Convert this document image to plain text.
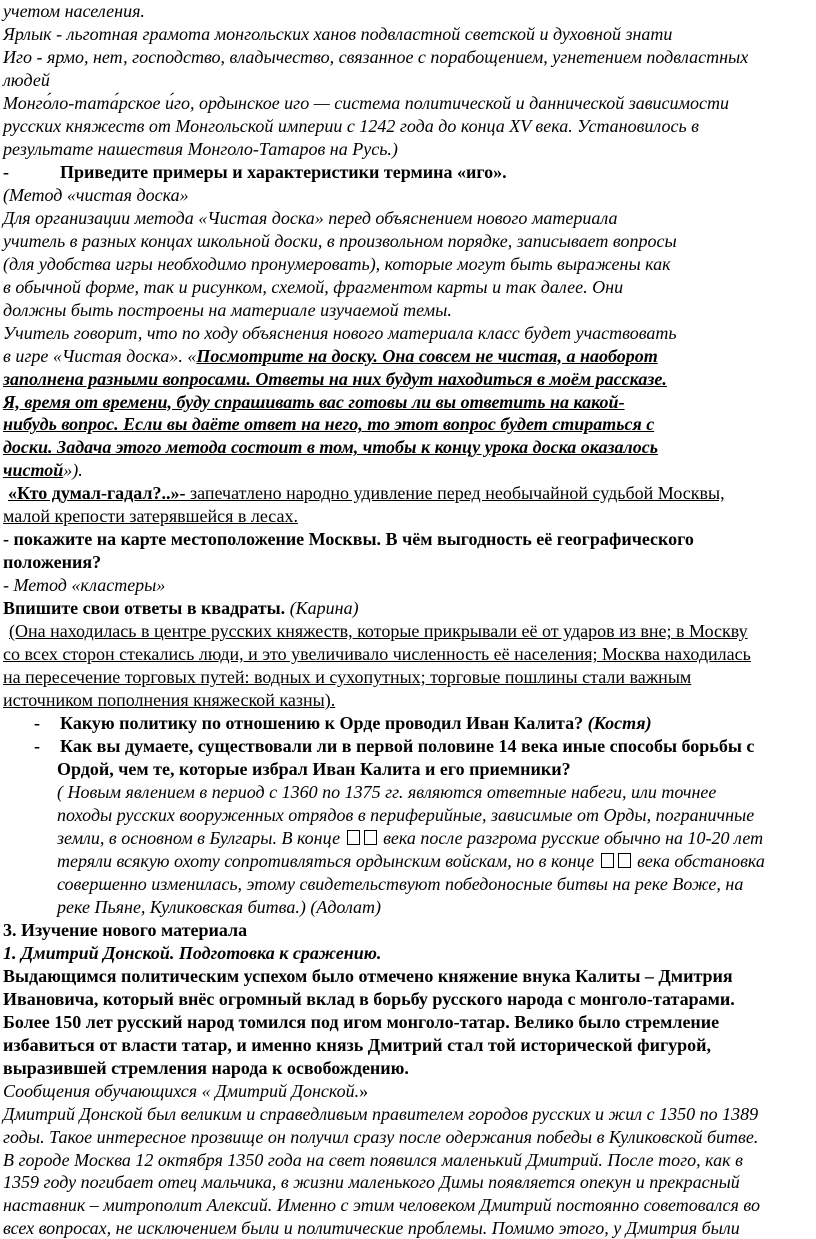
учетом населения.
Ярлык - льготная грамота монгольских ханов подвластной светской и духовной знати
Иго - ярмо, нет, господство, владычество, связанное с порабощением, угнетением подвластных
людей
Монго́ло-тата́рское и́го, ордынское иго — система политической и даннической зависимости
русских княжеств от Монгольской империи с 1242 года до конца XV века. Установилось в
результате нашествия Монголо-Татаров на Русь.)
-	Приведите примеры и характеристики термина «иго».
(Метод «чистая доска»
Для организации метода «Чистая доска» перед объяснением нового материала
учитель в разных концах школьной доски, в произвольном порядке, записывает вопросы
(для удобства игры необходимо пронумеровать), которые могут быть выражены как
в обычной форме, так и рисунком, схемой, фрагментом карты и так далее. Они
должны быть построены на материале изучаемой темы.
Учитель говорит, что по ходу объяснения нового материала класс будет участвовать
в игре «Чистая доска». «Посмотрите на доску. Она совсем не чистая, а наоборот
заполнена разными вопросами. Ответы на них будут находиться в моём рассказе.
Я, время от времени, буду спрашивать вас готовы ли вы ответить на какой-
нибудь вопрос. Если вы даёте ответ на него, то этот вопрос будет стираться с
доски. Задача этого метода состоит в том, чтобы к концу урока доска оказалось
чистой»).
«Кто думал-гадал?..»- запечатлено народно удивление перед необычайной судьбой Москвы,
малой крепости затерявшейся в лесах.
- покажите на карте местоположение Москвы. В чём выгодность её географического
положения?
- Метод «кластеры»
Впишите свои ответы в квадраты. (Карина)
(Она находилась в центре русских княжеств, которые прикрывали её от ударов из вне; в Москву
со всех сторон стекались люди, и это увеличивало численность её населения; Москва находилась
на пересечение торговых путей: водных и сухопутных; торговые пошлины стали важным
источником пополнения княжеской казны).
- Какую политику по отношению к Орде проводил Иван Калита? (Костя)
- Как вы думаете, существовали ли в первой половине 14 века иные способы борьбы с
Ордой, чем те, которые избрал Иван Калита и его приемники?
( Новым явлением в период с 1360 по 1375 гг. являются ответные набеги, или точнее
походы русских вооруженных отрядов в периферийные, зависимые от Орды, пограничные
земли, в основном в Булгары. В конце  века после разгрома русские обычно на 10-20 лет
теряли всякую охоту сопротивляться ордынским войскам, но в конце  века обстановка
совершенно изменилась, этому свидетельствуют победоносные битвы на реке Воже, на
реке Пьяне, Куликовская битва.) (Адолат)
3. Изучение нового материала
1. Дмитрий Донской. Подготовка к сражению.
Выдающимся политическим успехом было отмечено княжение внука Калиты – Дмитрия
Ивановича, который внёс огромный вклад в борьбу русского народа с монголо-татарами.
Более 150 лет русский народ томился под игом монголо-татар. Велико было стремление
избавиться от власти татар, и именно князь Дмитрий стал той исторической фигурой,
выразившей стремления народа к освобождению.
Сообщения обучающихся « Дмитрий Донской.»
Дмитрий Донской был великим и справедливым правителем городов русских и жил с 1350 по 1389
годы. Такое интересное прозвище он получил сразу после одержания победы в Куликовской битве.
В городе Москва 12 октября 1350 года на свет появился маленький Дмитрий. После того, как в
1359 году погибает отец мальчика, в жизни маленького Димы появляется опекун и прекрасный
наставник – митрополит Алексий. Именно с этим человеком Дмитрий постоянно советовался во
всех вопросах, не исключением были и политические проблемы. Помимо этого, у Дмитрия были
